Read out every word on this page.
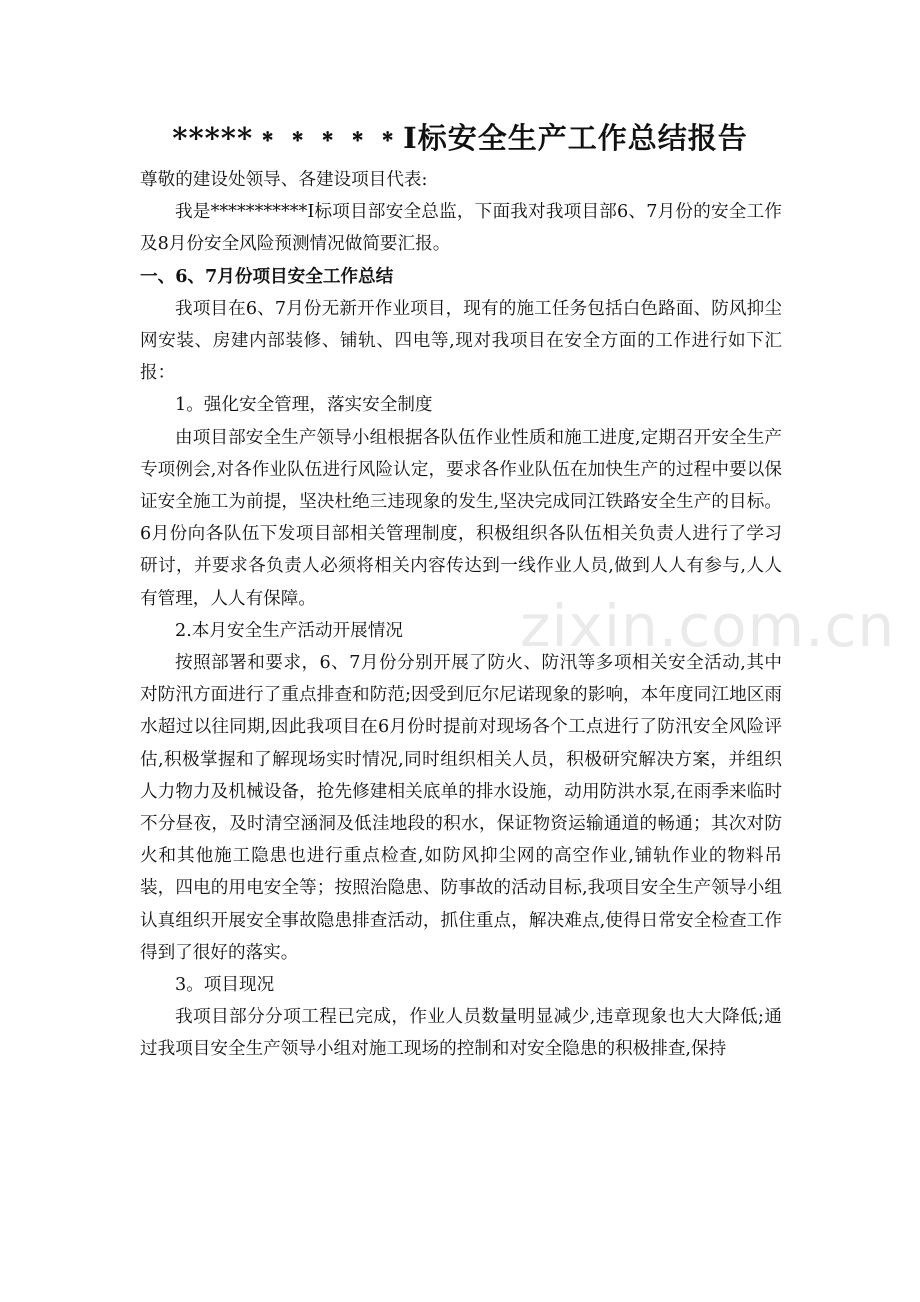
zixin.com.cn
*****﹡﹡﹡﹡﹡I标安全生产工作总结报告

尊敬的建设处领导、各建设项目代表:

我是***********I标项目部安全总监，下面我对我项目部6、7月份的安全工作及8月份安全风险预测情况做简要汇报。

一、6、7月份项目安全工作总结

我项目在6、7月份无新开作业项目，现有的施工任务包括白色路面、防风抑尘网安装、房建内部装修、铺轨、四电等,现对我项目在安全方面的工作进行如下汇报：

1。强化安全管理，落实安全制度

由项目部安全生产领导小组根据各队伍作业性质和施工进度,定期召开安全生产专项例会,对各作业队伍进行风险认定，要求各作业队伍在加快生产的过程中要以保证安全施工为前提，坚决杜绝三违现象的发生,坚决完成同江铁路安全生产的目标。6月份向各队伍下发项目部相关管理制度，积极组织各队伍相关负责人进行了学习研讨，并要求各负责人必须将相关内容传达到一线作业人员,做到人人有参与,人人有管理，人人有保障。

2.本月安全生产活动开展情况

按照部署和要求，6、7月份分别开展了防火、防汛等多项相关安全活动,其中对防汛方面进行了重点排查和防范;因受到厄尔尼诺现象的影响，本年度同江地区雨水超过以往同期,因此我项目在6月份时提前对现场各个工点进行了防汛安全风险评估,积极掌握和了解现场实时情况,同时组织相关人员，积极研究解决方案，并组织人力物力及机械设备，抢先修建相关底单的排水设施，动用防洪水泵,在雨季来临时不分昼夜，及时清空涵洞及低洼地段的积水，保证物资运输通道的畅通；其次对防火和其他施工隐患也进行重点检查,如防风抑尘网的高空作业,铺轨作业的物料吊装，四电的用电安全等；按照治隐患、防事故的活动目标,我项目安全生产领导小组认真组织开展安全事故隐患排查活动，抓住重点，解决难点,使得日常安全检查工作得到了很好的落实。

3。项目现况

我项目部分分项工程已完成，作业人员数量明显减少,违章现象也大大降低;通过我项目安全生产领导小组对施工现场的控制和对安全隐患的积极排查,保持
